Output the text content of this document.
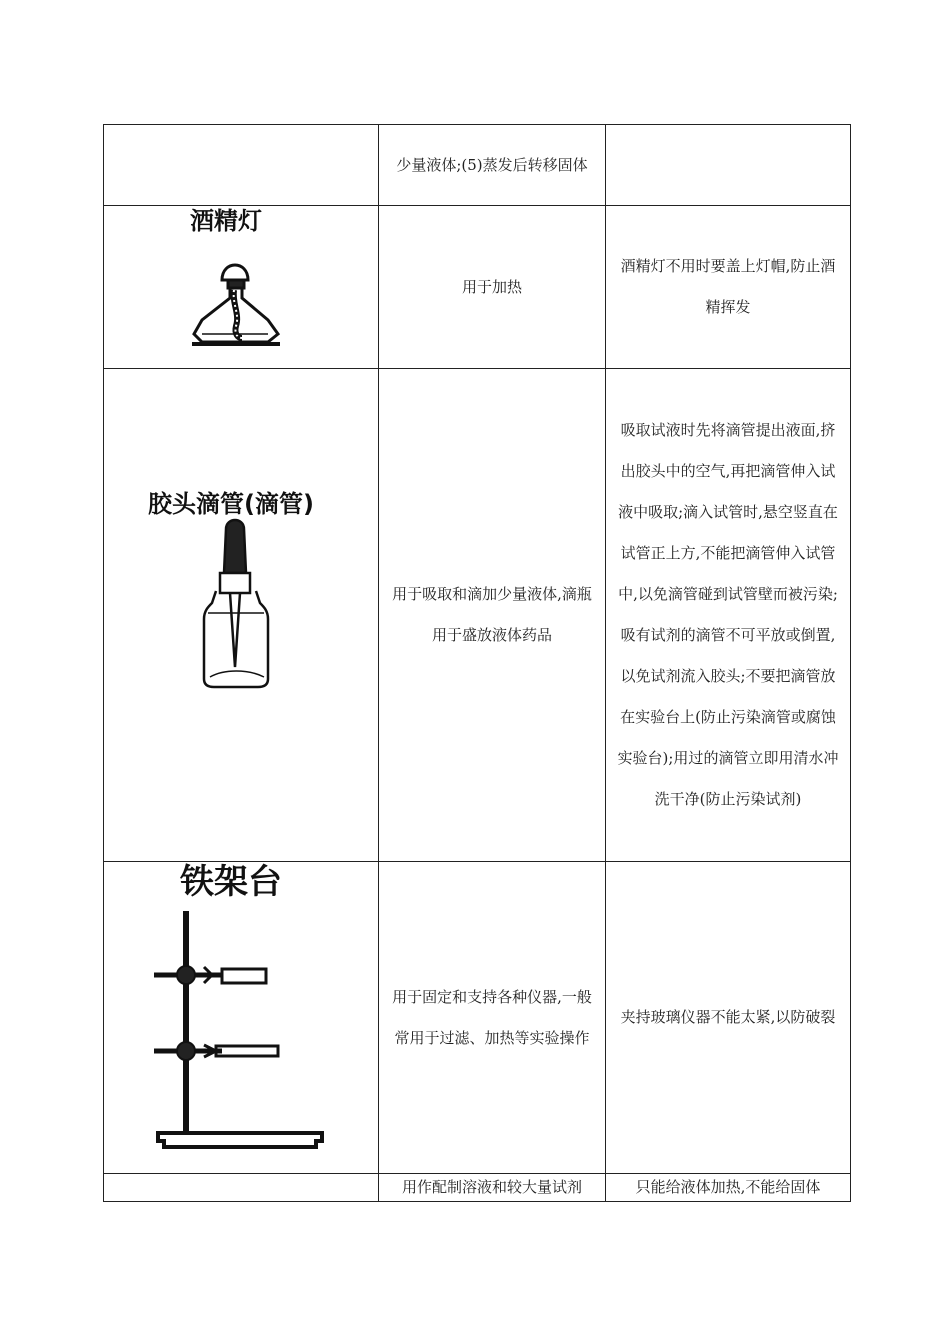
	少量液体;(5)蒸发后转移固体	

酒精灯	用于加热	酒精灯不用时要盖上灯帽,防止酒精挥发

胶头滴管(滴管)	用于吸取和滴加少量液体,滴瓶用于盛放液体药品	吸取试液时先将滴管提出液面,挤出胶头中的空气,再把滴管伸入试液中吸取;滴入试管时,悬空竖直在试管正上方,不能把滴管伸入试管中,以免滴管碰到试管壁而被污染;吸有试剂的滴管不可平放或倒置,以免试剂流入胶头;不要把滴管放在实验台上(防止污染滴管或腐蚀实验台);用过的滴管立即用清水冲洗干净(防止污染试剂)

铁架台	用于固定和支持各种仪器,一般常用于过滤、加热等实验操作	夹持玻璃仪器不能太紧,以防破裂

	用作配制溶液和较大量试剂	只能给液体加热,不能给固体
